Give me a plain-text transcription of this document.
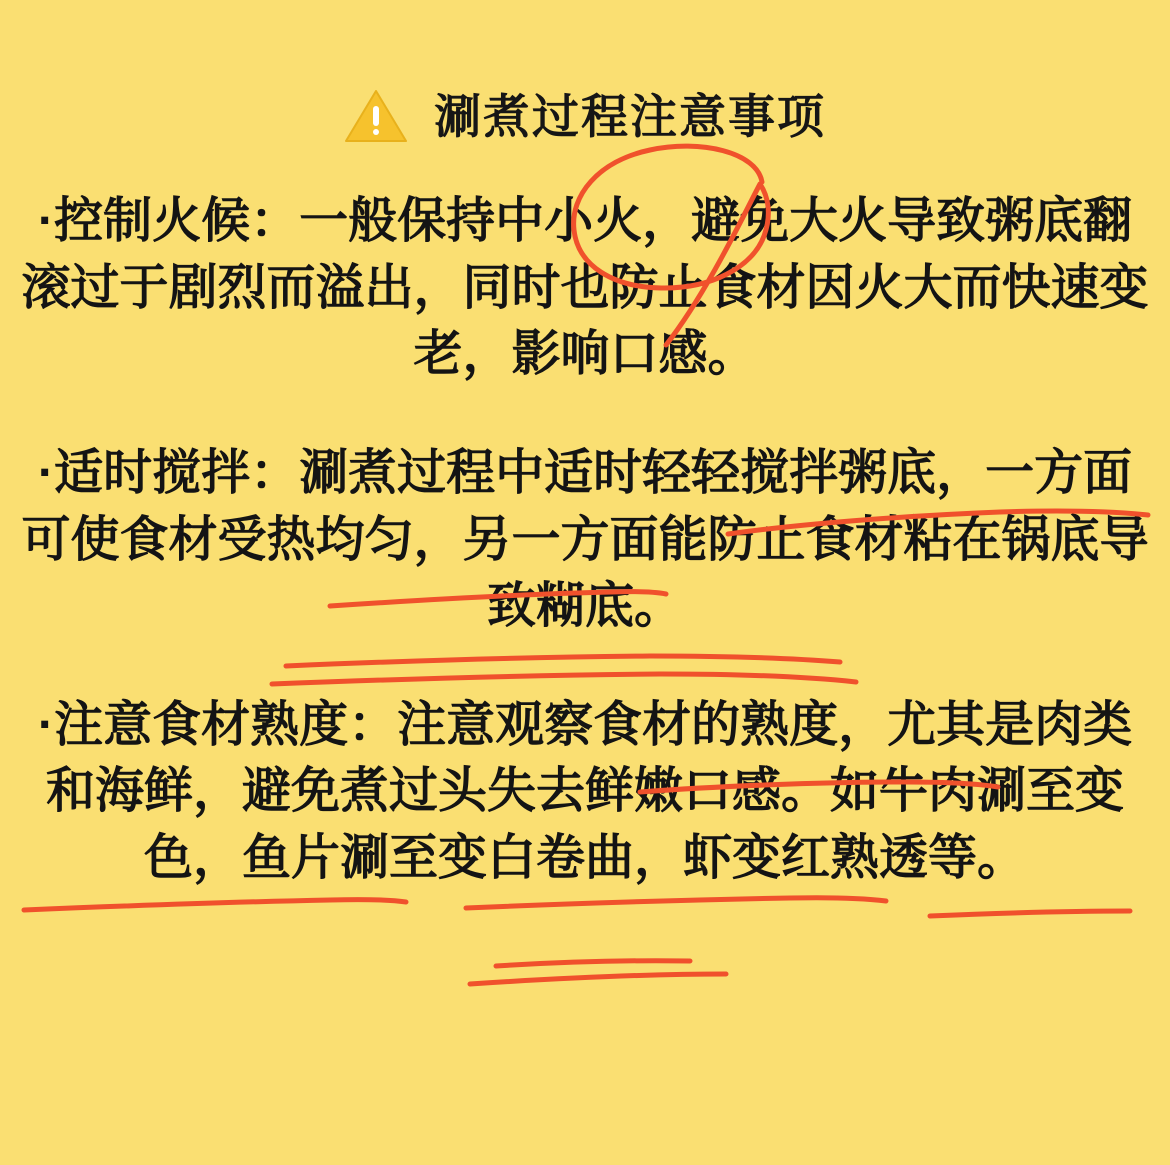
涮煮过程注意事项

·控制火候：一般保持中小火，避免大火导致粥底翻滚过于剧烈而溢出，同时也防止食材因火大而快速变老，影响口感。

·适时搅拌：涮煮过程中适时轻轻搅拌粥底，一方面可使食材受热均匀，另一方面能防止食材粘在锅底导致糊底。

·注意食材熟度：注意观察食材的熟度，尤其是肉类和海鲜，避免煮过头失去鲜嫩口感。如牛肉涮至变色，鱼片涮至变白卷曲，虾变红熟透等。
